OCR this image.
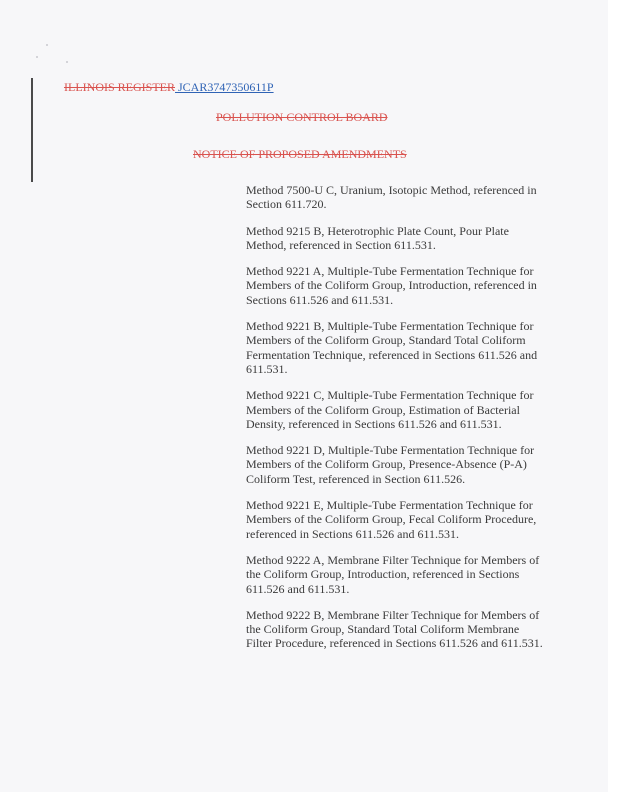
ILLINOIS REGISTER JCAR3747350611P
POLLUTION CONTROL BOARD
NOTICE OF PROPOSED AMENDMENTS

Method 7500-U C, Uranium, Isotopic Method, referenced in Section 611.720.

Method 9215 B, Heterotrophic Plate Count, Pour Plate Method, referenced in Section 611.531.

Method 9221 A, Multiple-Tube Fermentation Technique for Members of the Coliform Group, Introduction, referenced in Sections 611.526 and 611.531.

Method 9221 B, Multiple-Tube Fermentation Technique for Members of the Coliform Group, Standard Total Coliform Fermentation Technique, referenced in Sections 611.526 and 611.531.

Method 9221 C, Multiple-Tube Fermentation Technique for Members of the Coliform Group, Estimation of Bacterial Density, referenced in Sections 611.526 and 611.531.

Method 9221 D, Multiple-Tube Fermentation Technique for Members of the Coliform Group, Presence-Absence (P-A) Coliform Test, referenced in Section 611.526.

Method 9221 E, Multiple-Tube Fermentation Technique for Members of the Coliform Group, Fecal Coliform Procedure, referenced in Sections 611.526 and 611.531.

Method 9222 A, Membrane Filter Technique for Members of the Coliform Group, Introduction, referenced in Sections 611.526 and 611.531.

Method 9222 B, Membrane Filter Technique for Members of the Coliform Group, Standard Total Coliform Membrane Filter Procedure, referenced in Sections 611.526 and 611.531.
